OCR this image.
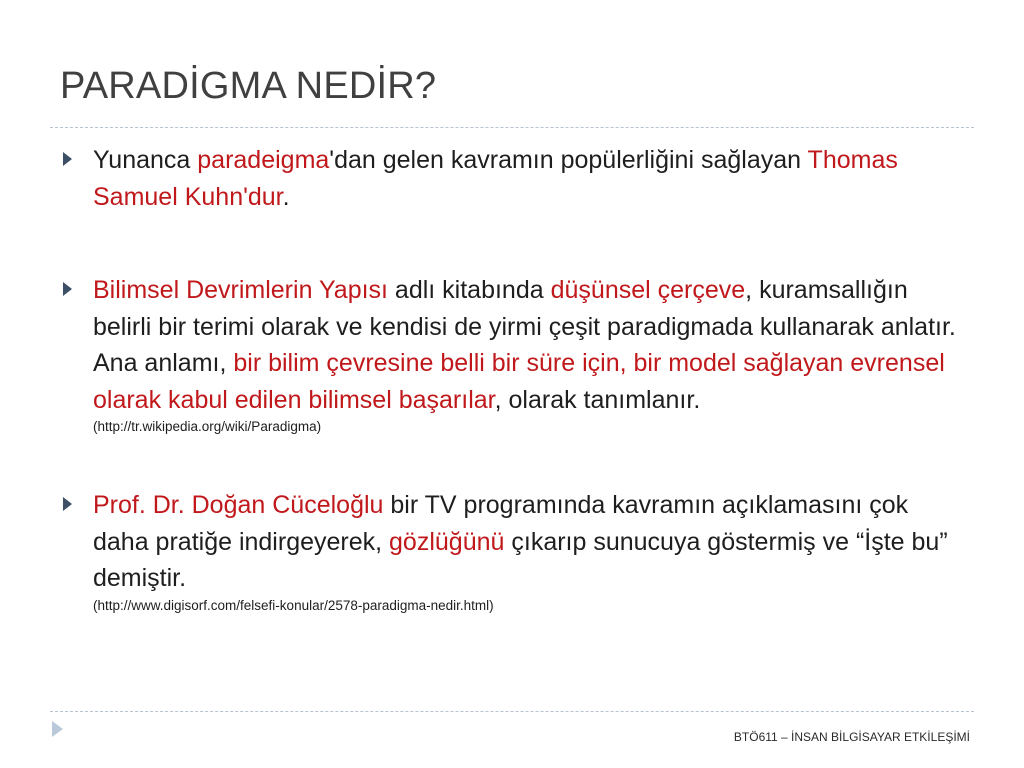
PARADİGMA NEDİR?
Yunanca paradeigma'dan gelen kavramın popülerliğini sağlayan Thomas Samuel Kuhn'dur.
Bilimsel Devrimlerin Yapısı adlı kitabında düşünsel çerçeve, kuramsallığın belirli bir terimi olarak ve kendisi de yirmi çeşit paradigmada kullanarak anlatır. Ana anlamı, bir bilim çevresine belli bir süre için, bir model sağlayan evrensel olarak kabul edilen bilimsel başarılar, olarak tanımlanır.
(http://tr.wikipedia.org/wiki/Paradigma)
Prof. Dr. Doğan Cüceloğlu bir TV programında kavramın açıklamasını çok daha pratiğe indirgeyerek, gözlüğünü çıkarıp sunucuya göstermiş ve “İşte bu” demiştir.
(http://www.digisorf.com/felsefi-konular/2578-paradigma-nedir.html)
BTÖ611 – İNSAN BİLGİSAYAR ETKİLEŞİMİ
